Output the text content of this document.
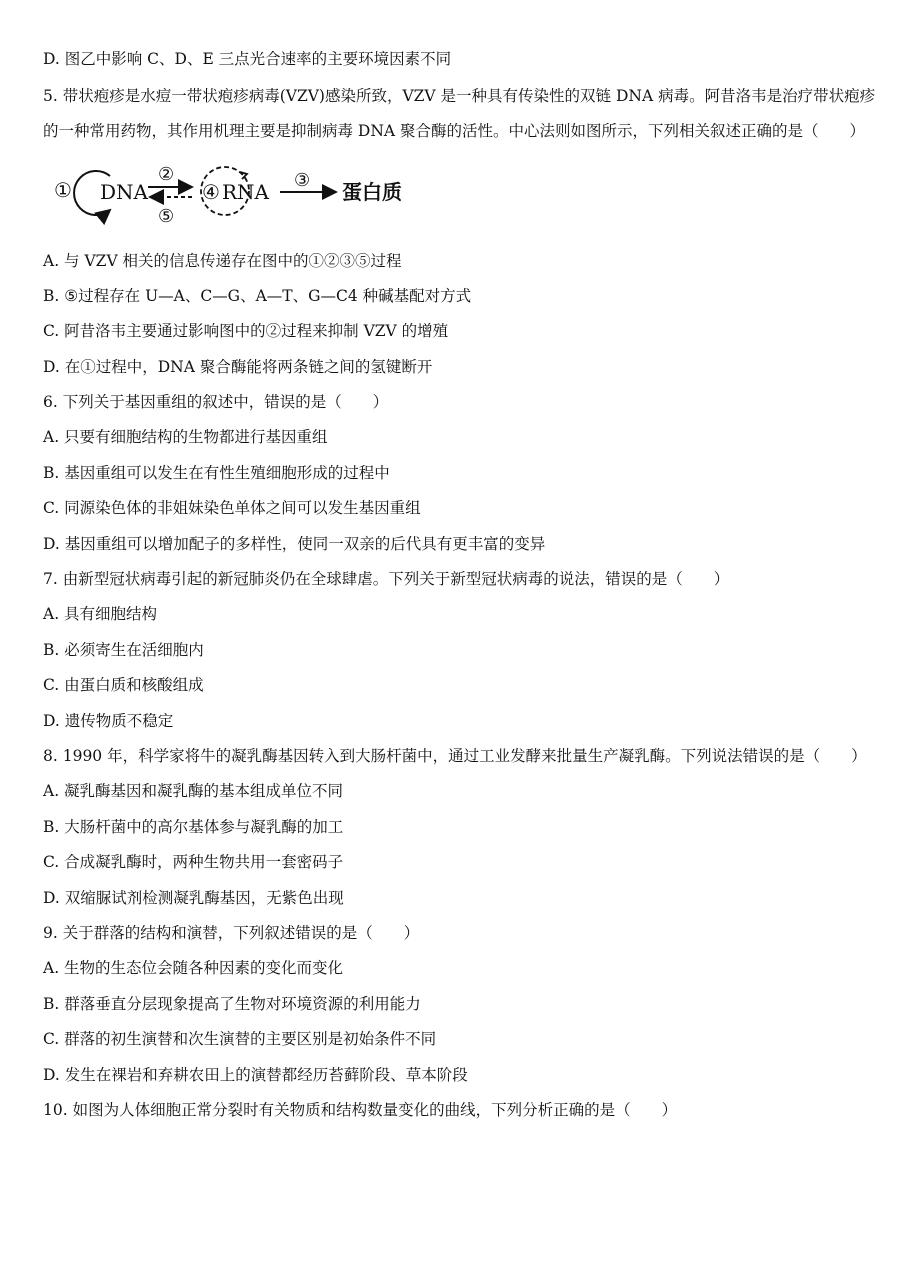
D. 图乙中影响 C、D、E 三点光合速率的主要环境因素不同
5. 带状疱疹是水痘一带状疱疹病毒(VZV)感染所致，VZV 是一种具有传染性的双链 DNA 病毒。阿昔洛韦是治疗带状疱疹
的一种常用药物，其作用机理主要是抑制病毒 DNA 聚合酶的活性。中心法则如图所示，下列相关叙述正确的是（　　）
① DNA
②
⑤
④ RNA ③ 蛋白质
A. 与 VZV 相关的信息传递存在图中的①②③⑤过程
B. ⑤过程存在 U—A、C—G、A—T、G—C4 种碱基配对方式
C. 阿昔洛韦主要通过影响图中的②过程来抑制 VZV 的增殖
D. 在①过程中，DNA 聚合酶能将两条链之间的氢键断开
6. 下列关于基因重组的叙述中，错误的是（　　）
A. 只要有细胞结构的生物都进行基因重组
B. 基因重组可以发生在有性生殖细胞形成的过程中
C. 同源染色体的非姐妹染色单体之间可以发生基因重组
D. 基因重组可以增加配子的多样性，使同一双亲的后代具有更丰富的变异
7. 由新型冠状病毒引起的新冠肺炎仍在全球肆虐。下列关于新型冠状病毒的说法，错误的是（　　）
A. 具有细胞结构
B. 必须寄生在活细胞内
C. 由蛋白质和核酸组成
D. 遗传物质不稳定
8. 1990 年，科学家将牛的凝乳酶基因转入到大肠杆菌中，通过工业发酵来批量生产凝乳酶。下列说法错误的是（　　）
A. 凝乳酶基因和凝乳酶的基本组成单位不同
B. 大肠杆菌中的高尔基体参与凝乳酶的加工
C. 合成凝乳酶时，两种生物共用一套密码子
D. 双缩脲试剂检测凝乳酶基因，无紫色出现
9. 关于群落的结构和演替，下列叙述错误的是（　　）
A. 生物的生态位会随各种因素的变化而变化
B. 群落垂直分层现象提高了生物对环境资源的利用能力
C. 群落的初生演替和次生演替的主要区别是初始条件不同
D. 发生在裸岩和弃耕农田上的演替都经历苔藓阶段、草本阶段
10. 如图为人体细胞正常分裂时有关物质和结构数量变化的曲线，下列分析正确的是（　　）
